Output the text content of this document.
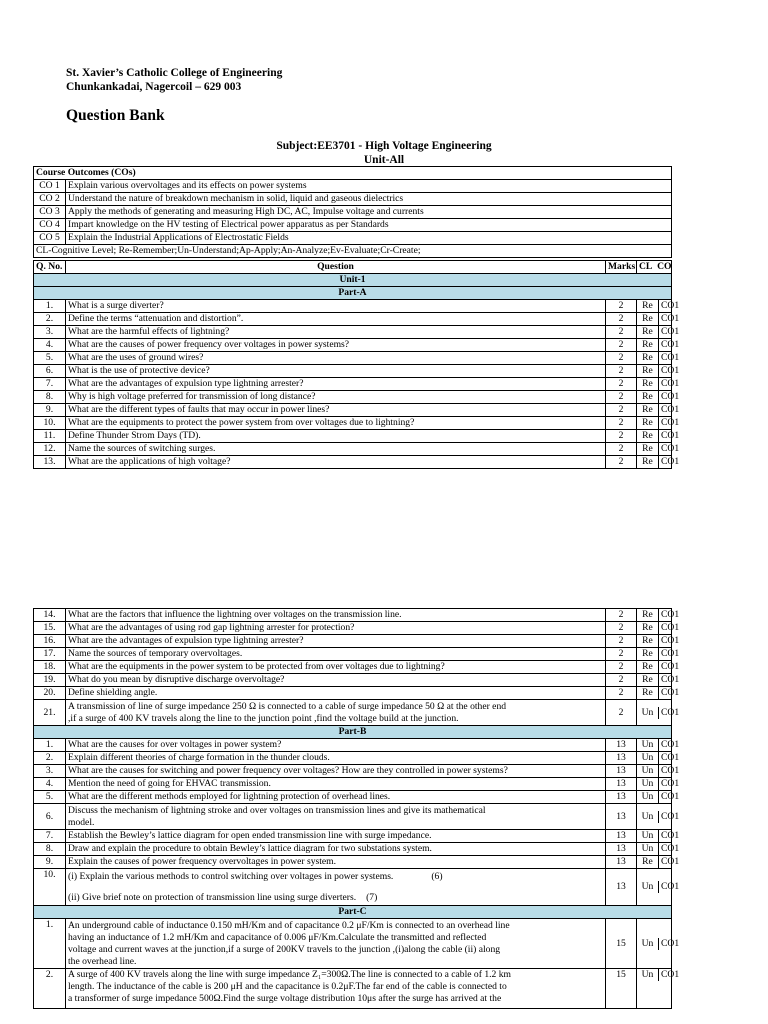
St. Xavier’s Catholic College of Engineering
Chunkankadai, Nagercoil – 629 003
Question Bank
Subject:EE3701 - High Voltage Engineering
Unit-All
Course Outcomes (COs)	
CO 1	Explain various overvoltages and its effects on power systems
CO 2	Understand the nature of breakdown mechanism in solid, liquid and gaseous dielectrics
CO 3	Apply the methods of generating and measuring High DC, AC, Impulse voltage and currents
CO 4	Impart knowledge on the HV testing of Electrical power apparatus as per Standards
CO 5	Explain the Industrial Applications of Electrostatic Fields
CL-Cognitive Level; Re-Remember;Un-Understand;Ap-Apply;An-Analyze;Ev-Evaluate;Cr-Create;	
Q. No.	Question	Marks	CL CO
Unit-1
Part-A
1.	What is a surge diverter?	2	Re	CO1

2.	Define the terms “attenuation and distortion”.	2	Re	CO1

3.	What are the harmful effects of lightning?	2	Re	CO1

4.	What are the causes of power frequency over voltages in power systems?	2	Re	CO1

5.	What are the uses of ground wires?	2	Re	CO1

6.	What is the use of protective device?	2	Re	CO1

7.	What are the advantages of expulsion type lightning arrester?	2	Re	CO1

8.	Why is high voltage preferred for transmission of long distance?	2	Re	CO1

9.	What are the different types of faults that may occur in power lines?	2	Re	CO1

10.	What are the equipments to protect the power system from over voltages due to lightning?	2	Re	CO1

11.	Define Thunder Strom Days (TD).	2	Re	CO1

12.	Name the sources of switching surges.	2	Re	CO1

13.	What are the applications of high voltage?	2	Re	CO1
14.	What are the factors that influence the lightning over voltages on the transmission line.	2	Re	CO1

15.	What are the advantages of using rod gap lightning arrester for protection?	2	Re	CO1

16.	What are the advantages of expulsion type lightning arrester?	2	Re	CO1

17.	Name the sources of temporary overvoltages.	2	Re	CO1

18.	What are the equipments in the power system to be protected from over voltages due to lightning?	2	Re	CO1

19.	What do you mean by disruptive discharge overvoltage?	2	Re	CO1

20.	Define shielding angle.	2	Re	CO1

21.	
A transmission of line of surge impedance 250 Ω is connected to a cable of surge impedance 50 Ω at the other end
,if a surge of 400 KV travels along the line to the junction point ,find the voltage build at the junction.
	2	Un	CO1

Part-B
1.	What are the causes for over voltages in power system?	13	Un	CO1

2.	Explain different theories of charge formation in the thunder clouds.	13	Un	CO1

3.	What are the causes for switching and power frequency over voltages? How are they controlled in power systems?	13	Un	CO1

4.	Mention the need of going for EHVAC transmission.	13	Un	CO1

5.	What are the different methods employed for lightning protection of overhead lines.	13	Un	CO1

6.	
Discuss the mechanism of lightning stroke and over voltages on transmission lines and give its mathematical
model.
	13	Un	CO1

7.	Establish the Bewley’s lattice diagram for open ended transmission line with surge impedance.	13	Un	CO1

8.	Draw and explain the procedure to obtain Bewley’s lattice diagram for two substations system.	13	Un	CO1

9.	Explain the causes of power frequency overvoltages in power system.	13	Re	CO1

10.	(i) Explain the various methods to control switching over voltages in power systems.	(6)
(ii) Give brief note on protection of transmission line using surge diverters. (7)
	13	Un	CO1

Part-C
1.	An underground cable of inductance 0.150 mH/Km and of capacitance 0.2 μF/Km is connected to an overhead line
having an inductance of 1.2 mH/Km and capacitance of 0.006 μF/Km.Calculate the transmitted and reflected
voltage and current waves at the junction,if a surge of 200KV travels to the junction ,(i)along the cable (ii) along
the overhead line.
	15	Un	CO1

2.	A surge of 400 KV travels along the line with surge impedance Z₁=300Ω.The line is connected to a cable of 1.2 km
length. The inductance of the cable is 200 μH and the capacitance is 0.2μF.The far end of the cable is connected to
a transformer of surge impedance 500Ω.Find the surge voltage distribution 10μs after the surge has arrived at the
	15	Un	CO1
